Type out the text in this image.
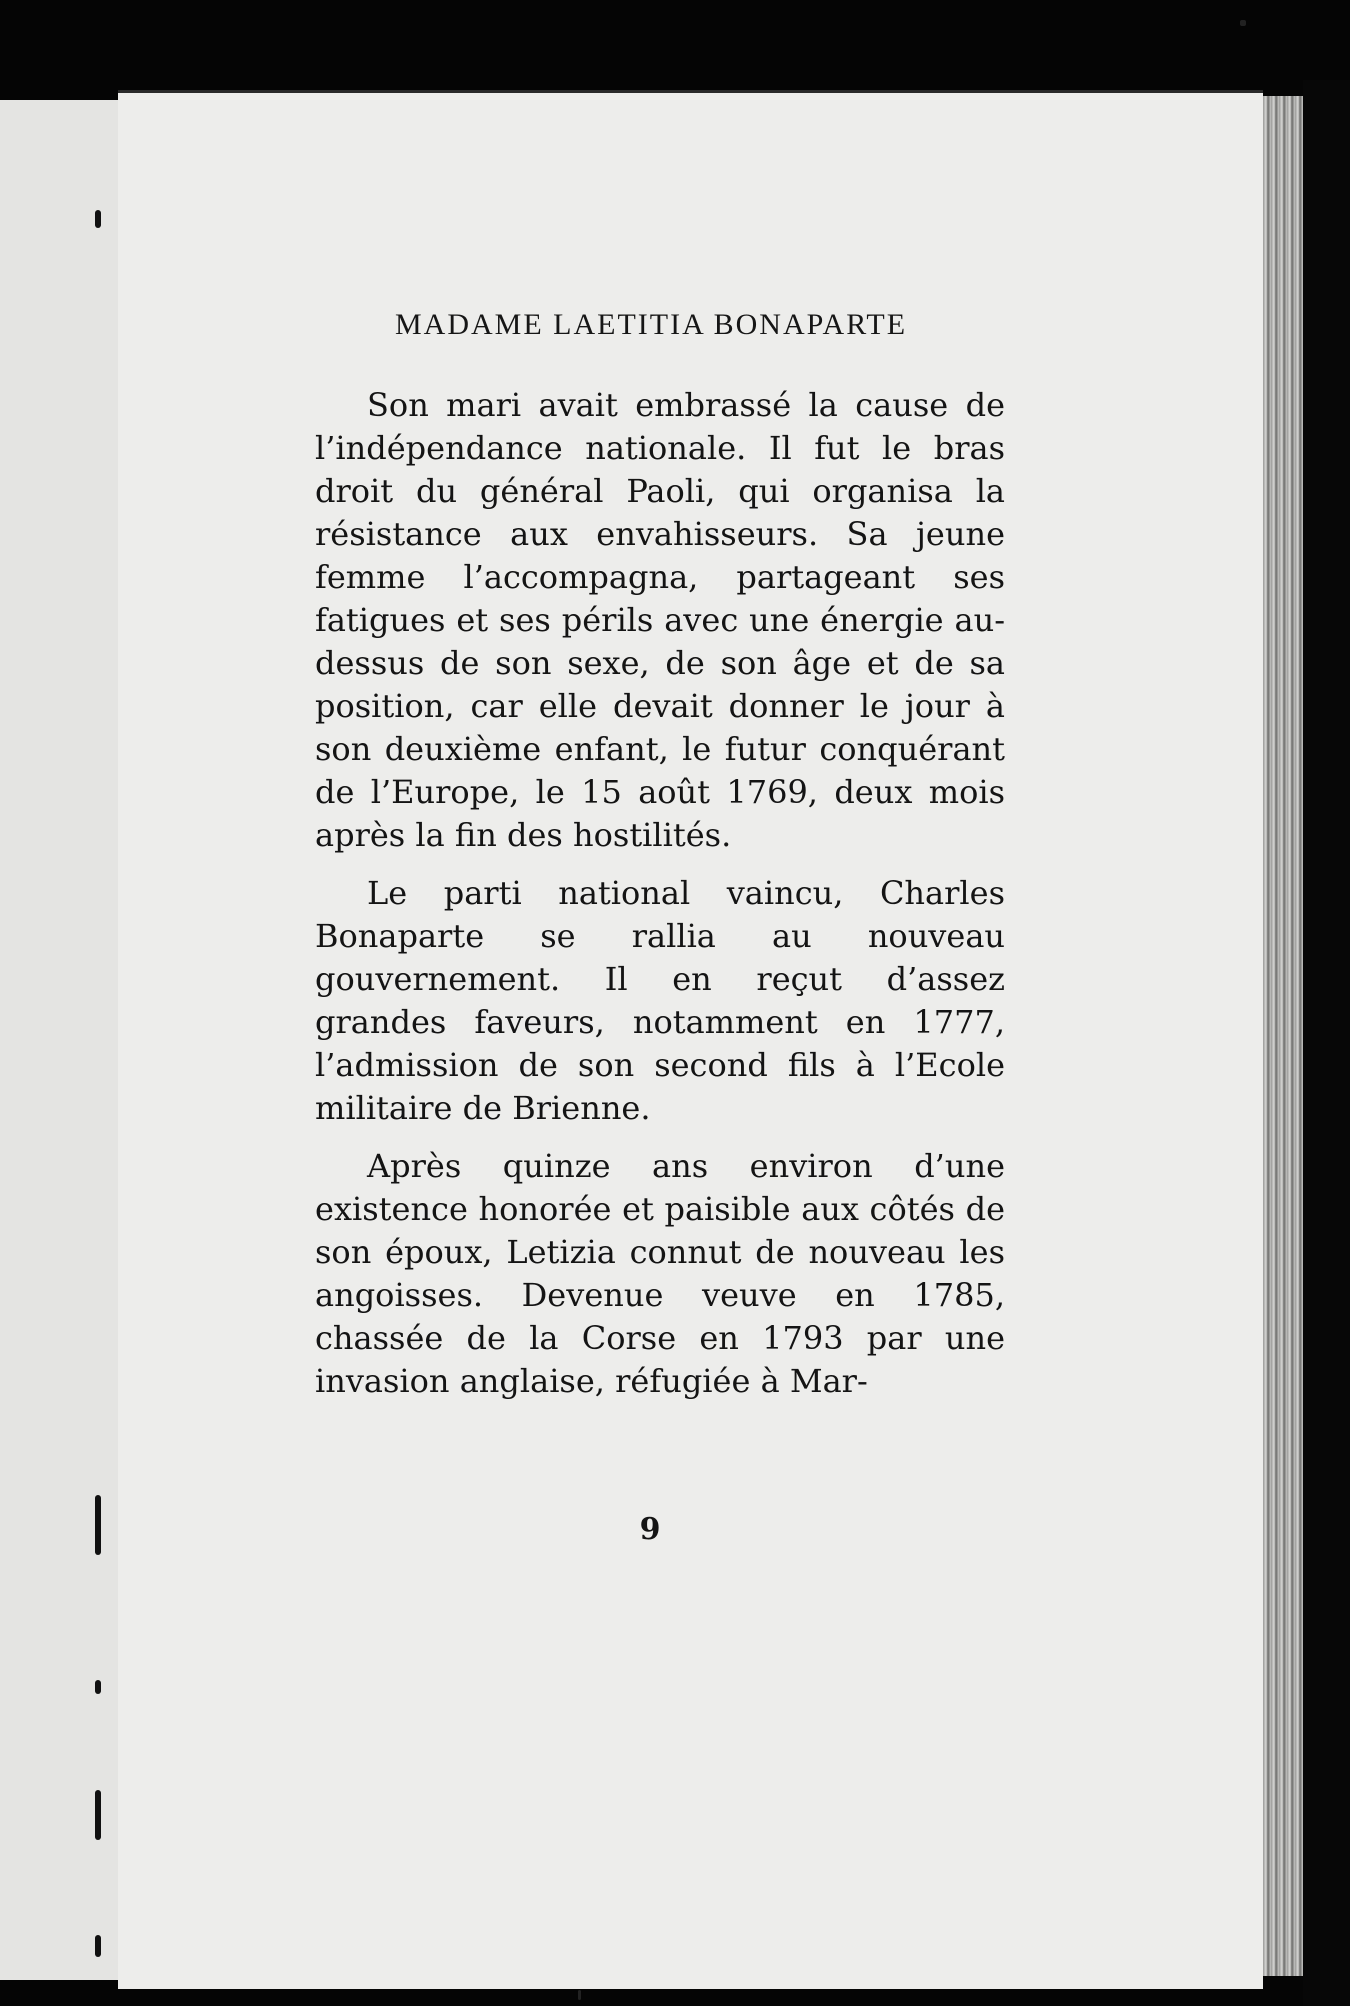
MADAME LAETITIA BONAPARTE

Son mari avait embrassé la cause de l’indépendance nationale. Il fut le bras droit du général Paoli, qui organisa la résistance aux envahisseurs. Sa jeune femme l’accompagna, partageant ses fatigues et ses périls avec une énergie au-dessus de son sexe, de son âge et de sa position, car elle devait donner le jour à son deuxième enfant, le futur conquérant de l’Europe, le 15 août 1769, deux mois après la fin des hostilités.

Le parti national vaincu, Charles Bonaparte se rallia au nouveau gouvernement. Il en reçut d’assez grandes faveurs, notamment en 1777, l’admission de son second fils à l’Ecole militaire de Brienne.

Après quinze ans environ d’une existence honorée et paisible aux côtés de son époux, Letizia connut de nouveau les angoisses. Devenue veuve en 1785, chassée de la Corse en 1793 par une invasion anglaise, réfugiée à Mar-

9
